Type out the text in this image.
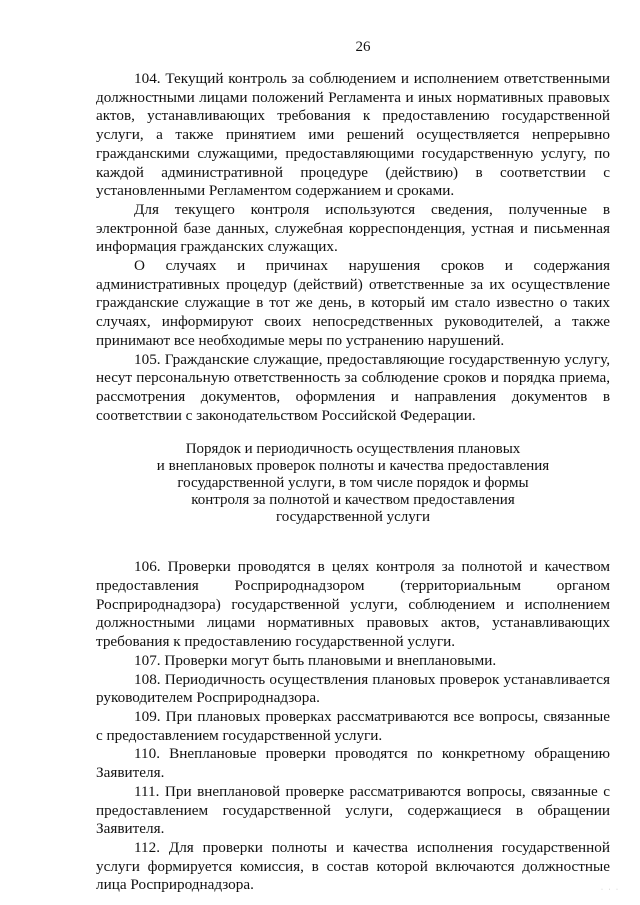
26

104. Текущий контроль за соблюдением и исполнением ответственными должностными лицами положений Регламента и иных нормативных правовых актов, устанавливающих требования к предоставлению государственной услуги, а также принятием ими решений осуществляется непрерывно гражданскими служащими, предоставляющими государственную услугу, по каждой административной процедуре (действию) в соответствии с установленными Регламентом содержанием и сроками.

Для текущего контроля используются сведения, полученные в электронной базе данных, служебная корреспонденция, устная и письменная информация гражданских служащих.

О случаях и причинах нарушения сроков и содержания административных процедур (действий) ответственные за их осуществление гражданские служащие в тот же день, в который им стало известно о таких случаях, информируют своих непосредственных руководителей, а также принимают все необходимые меры по устранению нарушений.

105. Гражданские служащие, предоставляющие государственную услугу, несут персональную ответственность за соблюдение сроков и порядка приема, рассмотрения документов, оформления и направления документов в соответствии с законодательством Российской Федерации.

Порядок и периодичность осуществления плановых
и внеплановых проверок полноты и качества предоставления
государственной услуги, в том числе порядок и формы
контроля за полнотой и качеством предоставления
государственной услуги

106. Проверки проводятся в целях контроля за полнотой и качеством предоставления Росприроднадзором (территориальным органом Росприроднадзора) государственной услуги, соблюдением и исполнением должностными лицами нормативных правовых актов, устанавливающих требования к предоставлению государственной услуги.

107. Проверки могут быть плановыми и внеплановыми.

108. Периодичность осуществления плановых проверок устанавливается руководителем Росприроднадзора.

109. При плановых проверках рассматриваются все вопросы, связанные с предоставлением государственной услуги.

110. Внеплановые проверки проводятся по конкретному обращению Заявителя.

111. При внеплановой проверке рассматриваются вопросы, связанные с предоставлением государственной услуги, содержащиеся в обращении Заявителя.

112. Для проверки полноты и качества исполнения государственной услуги формируется комиссия, в состав которой включаются должностные лица Росприроднадзора.	· · ·
